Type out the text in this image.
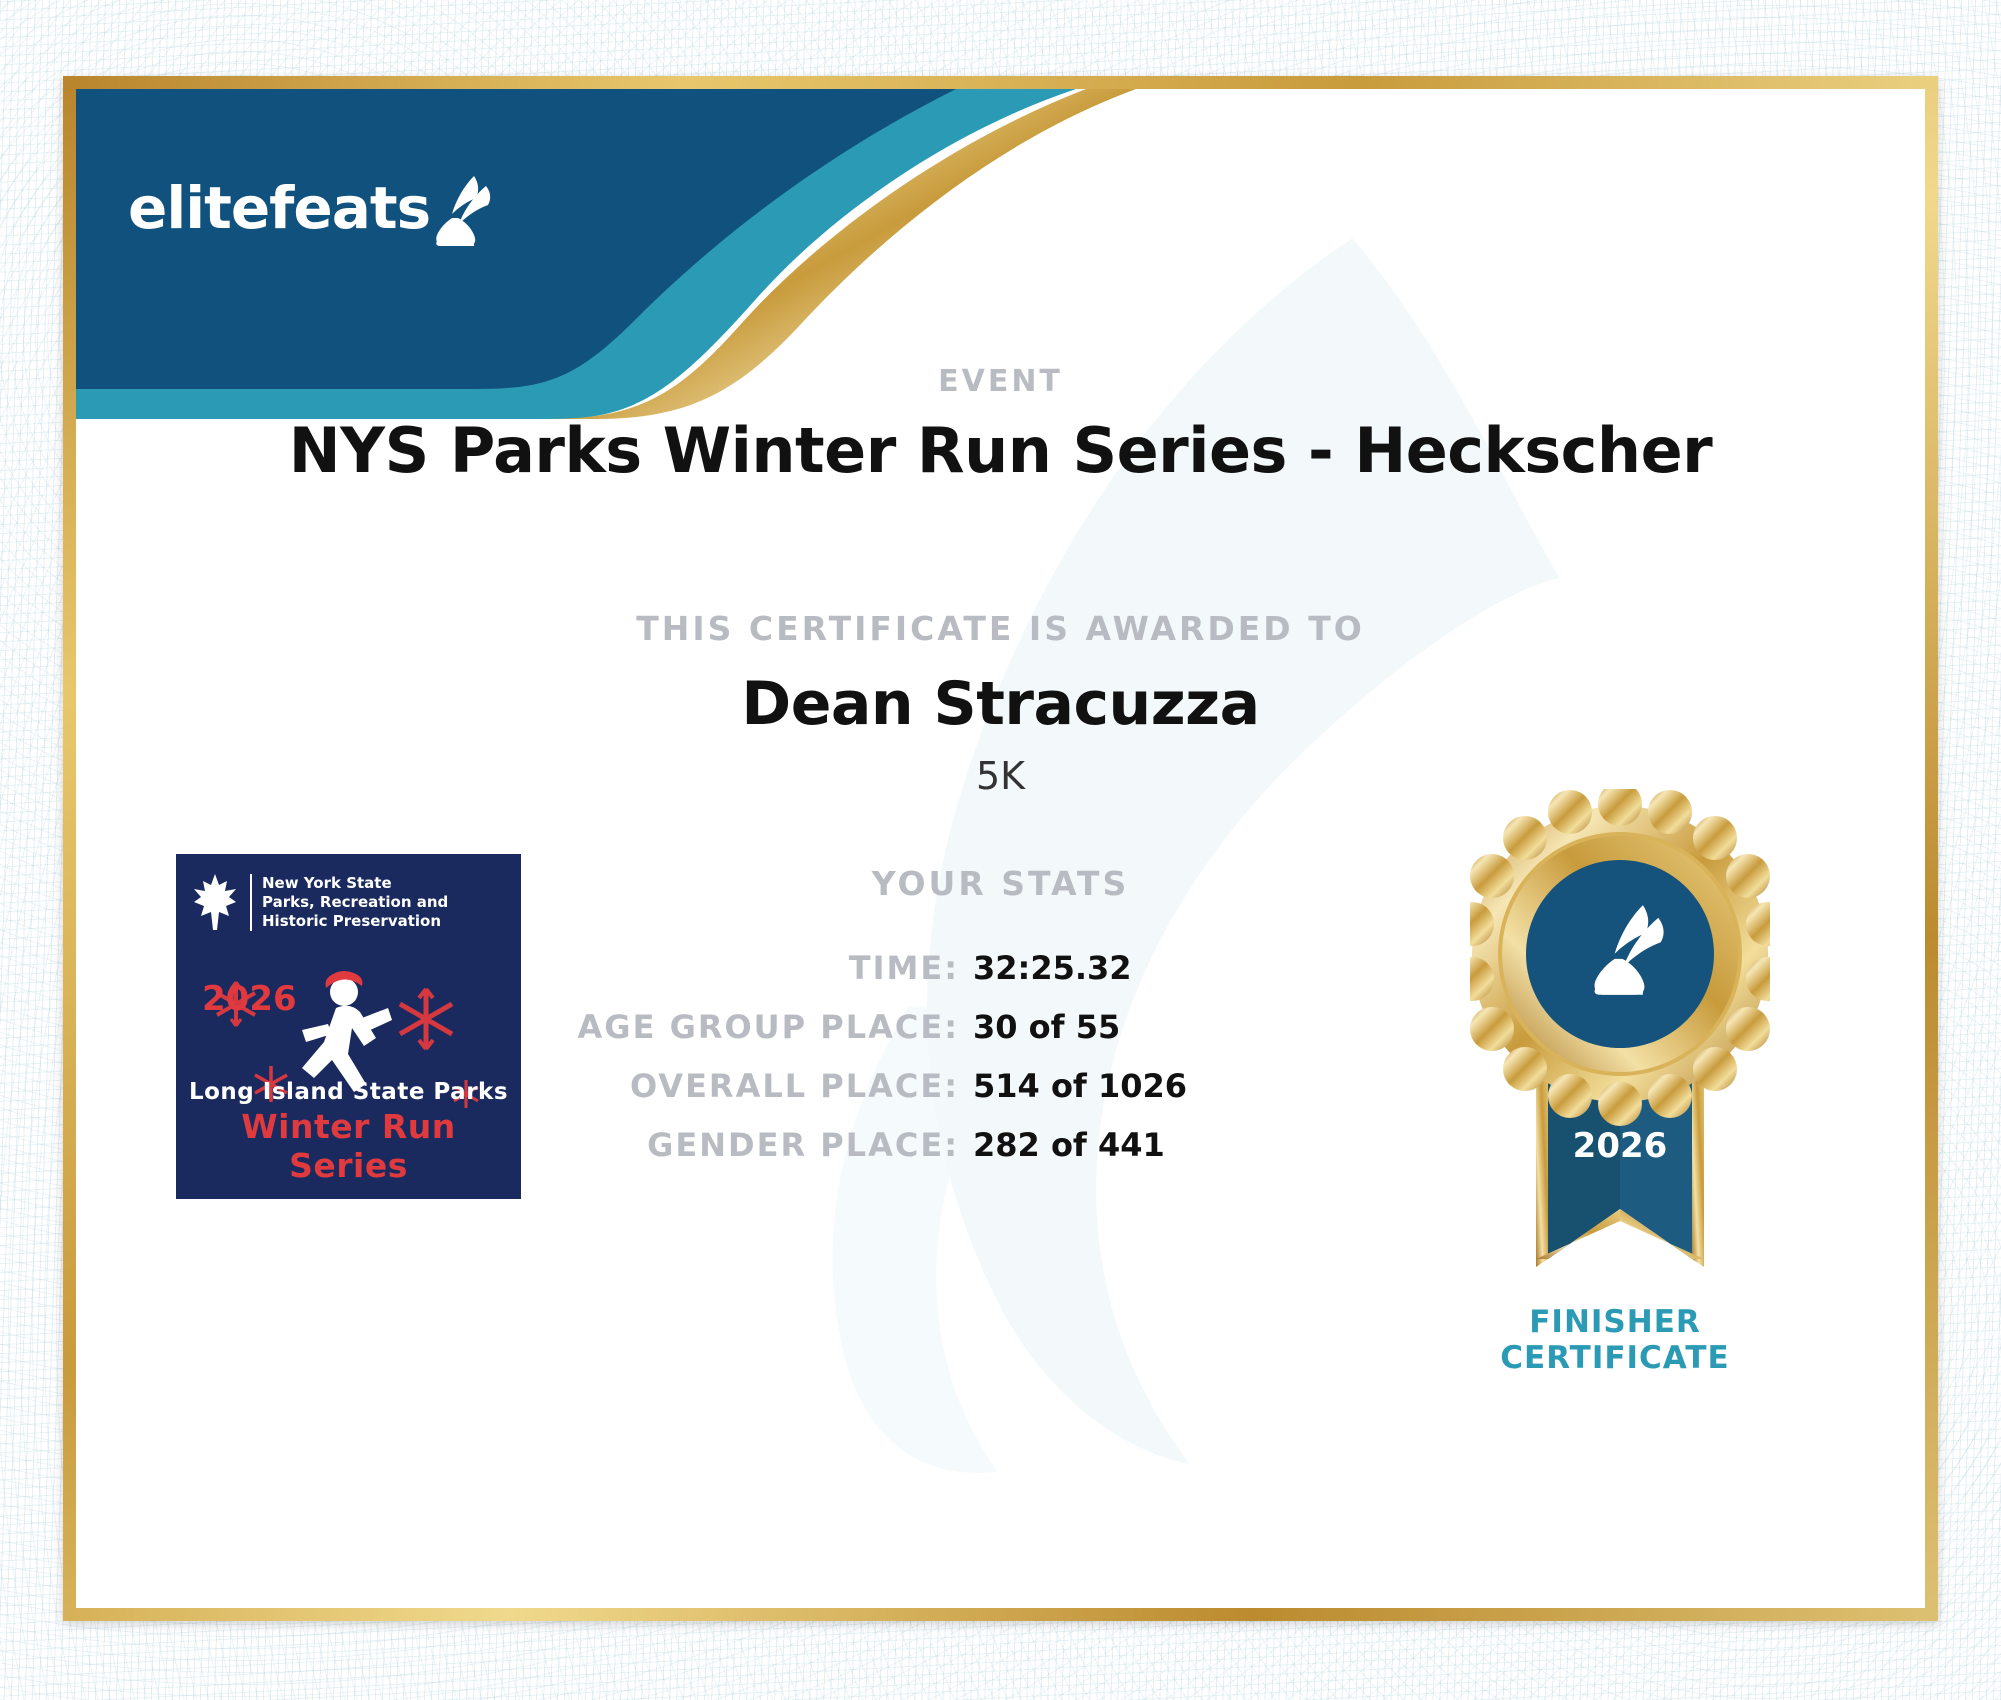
elitefeats
EVENT
NYS Parks Winter Run Series - Heckscher
THIS CERTIFICATE IS AWARDED TO
Dean Stracuzza
5K
YOUR STATS
TIME: 32:25.32
AGE GROUP PLACE: 30 of 55
OVERALL PLACE: 514 of 1026
GENDER PLACE: 282 of 441
New York State
Parks, Recreation and
Historic Preservation
2026
Long Island State Parks
Winter Run Series	2026
FINISHER
CERTIFICATE
